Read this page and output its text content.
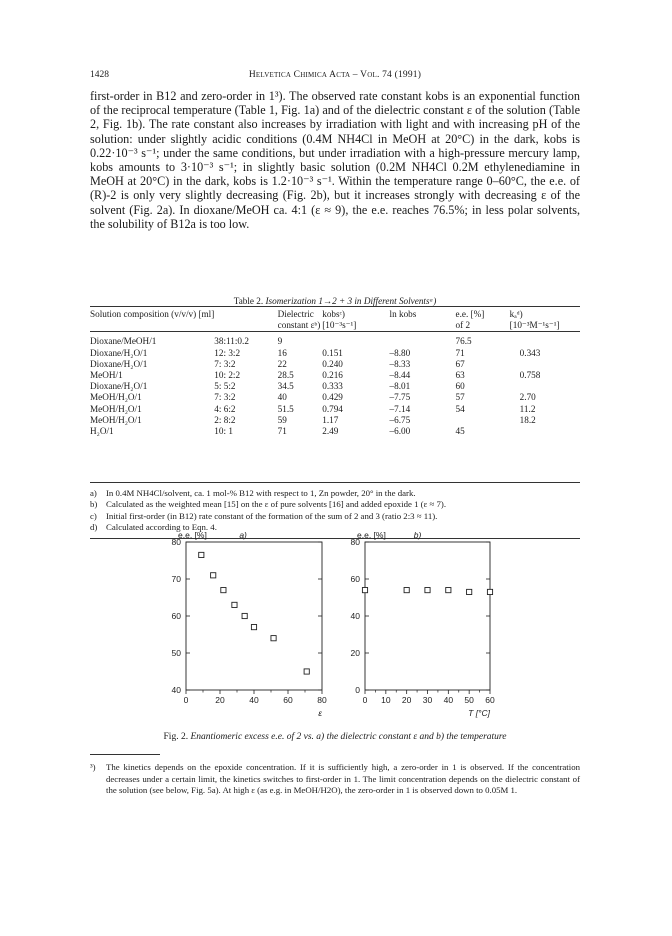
1428	Helvetica Chimica Acta – Vol. 74 (1991)

first-order in B12 and zero-order in 1³). The observed rate constant kobs is an exponential function of the reciprocal temperature (Table 1, Fig. 1a) and of the dielectric constant ε of the solution (Table 2, Fig. 1b). The rate constant also increases by irradiation with light and with increasing pH of the solution: under slightly acidic conditions (0.4M NH4Cl in MeOH at 20°C) in the dark, kobs is 0.22·10⁻³ s⁻¹; under the same conditions, but under irradiation with a high-pressure mercury lamp, kobs amounts to 3·10⁻³ s⁻¹; in slightly basic solution (0.2M NH4Cl 0.2M ethylenediamine in MeOH at 20°C) in the dark, kobs is 1.2·10⁻³ s⁻¹. Within the temperature range 0–60°C, the e.e. of (R)-2 is only very slightly decreasing (Fig. 2b), but it increases strongly with decreasing ε of the solvent (Fig. 2a). In dioxane/MeOH ca. 4:1 (ε ≈ 9), the e.e. reaches 76.5%; in less polar solvents, the solubility of B12a is too low.

Table 2. Isomerization 1→2 + 3 in Different Solventsᵃ)
Solution composition (v/v/v) [ml]		Dielectric	kobsᶜ)	ln kobs	e.e. [%]	kₐᵈ)
		constant εᵇ)	[10⁻³s⁻¹]		of 2	[10⁻³M⁻¹s⁻¹]

Dioxane/MeOH/1	38:11:0.2	9			76.5	
Dioxane/H₂O/1	12: 3:2	16	0.151	–8.80	71	0.343
Dioxane/H₂O/1	7: 3:2	22	0.240	–8.33	67	
MeOH/1	10: 2:2	28.5	0.216	–8.44	63	0.758
Dioxane/H₂O/1	5: 5:2	34.5	0.333	–8.01	60	
MeOH/H₂O/1	7: 3:2	40	0.429	–7.75	57	2.70
MeOH/H₂O/1	4: 6:2	51.5	0.794	–7.14	54	11.2
MeOH/H₂O/1	2: 8:2	59	1.17	–6.75		18.2
H₂O/1	10: 1	71	2.49	–6.00	45	
a)	In 0.4M NH4Cl/solvent, ca. 1 mol-% B12 with respect to 1, Zn powder, 20° in the dark.
b) Calculated as the weighted mean [15] on the ε of pure solvents [16] and added epoxide 1 (ε ≈ 7).
c)	Initial first-order (in B12) rate constant of the formation of the sum of 2 and 3 (ratio 2:3 ≈ 11).
d) Calculated according to Eqn. 4.
40
50
60
70
80
0	20	40	60	80
e.e. [%]	a)
ε
0
20
40
60
80
0 10 20 30 40 50 60
e.e. [%]	b)
T [°C]
Fig. 2. Enantiomeric excess e.e. of 2 vs. a) the dielectric constant ε and b) the temperature
³)	The kinetics depends on the epoxide concentration. If it is sufficiently high, a zero-order in 1 is observed. If the concentration decreases under a certain limit, the kinetics switches to first-order in 1. The limit concentration depends on the dielectric constant of the solution (see below, Fig. 5a). At high ε (as e.g. in MeOH/H2O), the zero-order in 1 is observed down to 0.05M 1.
